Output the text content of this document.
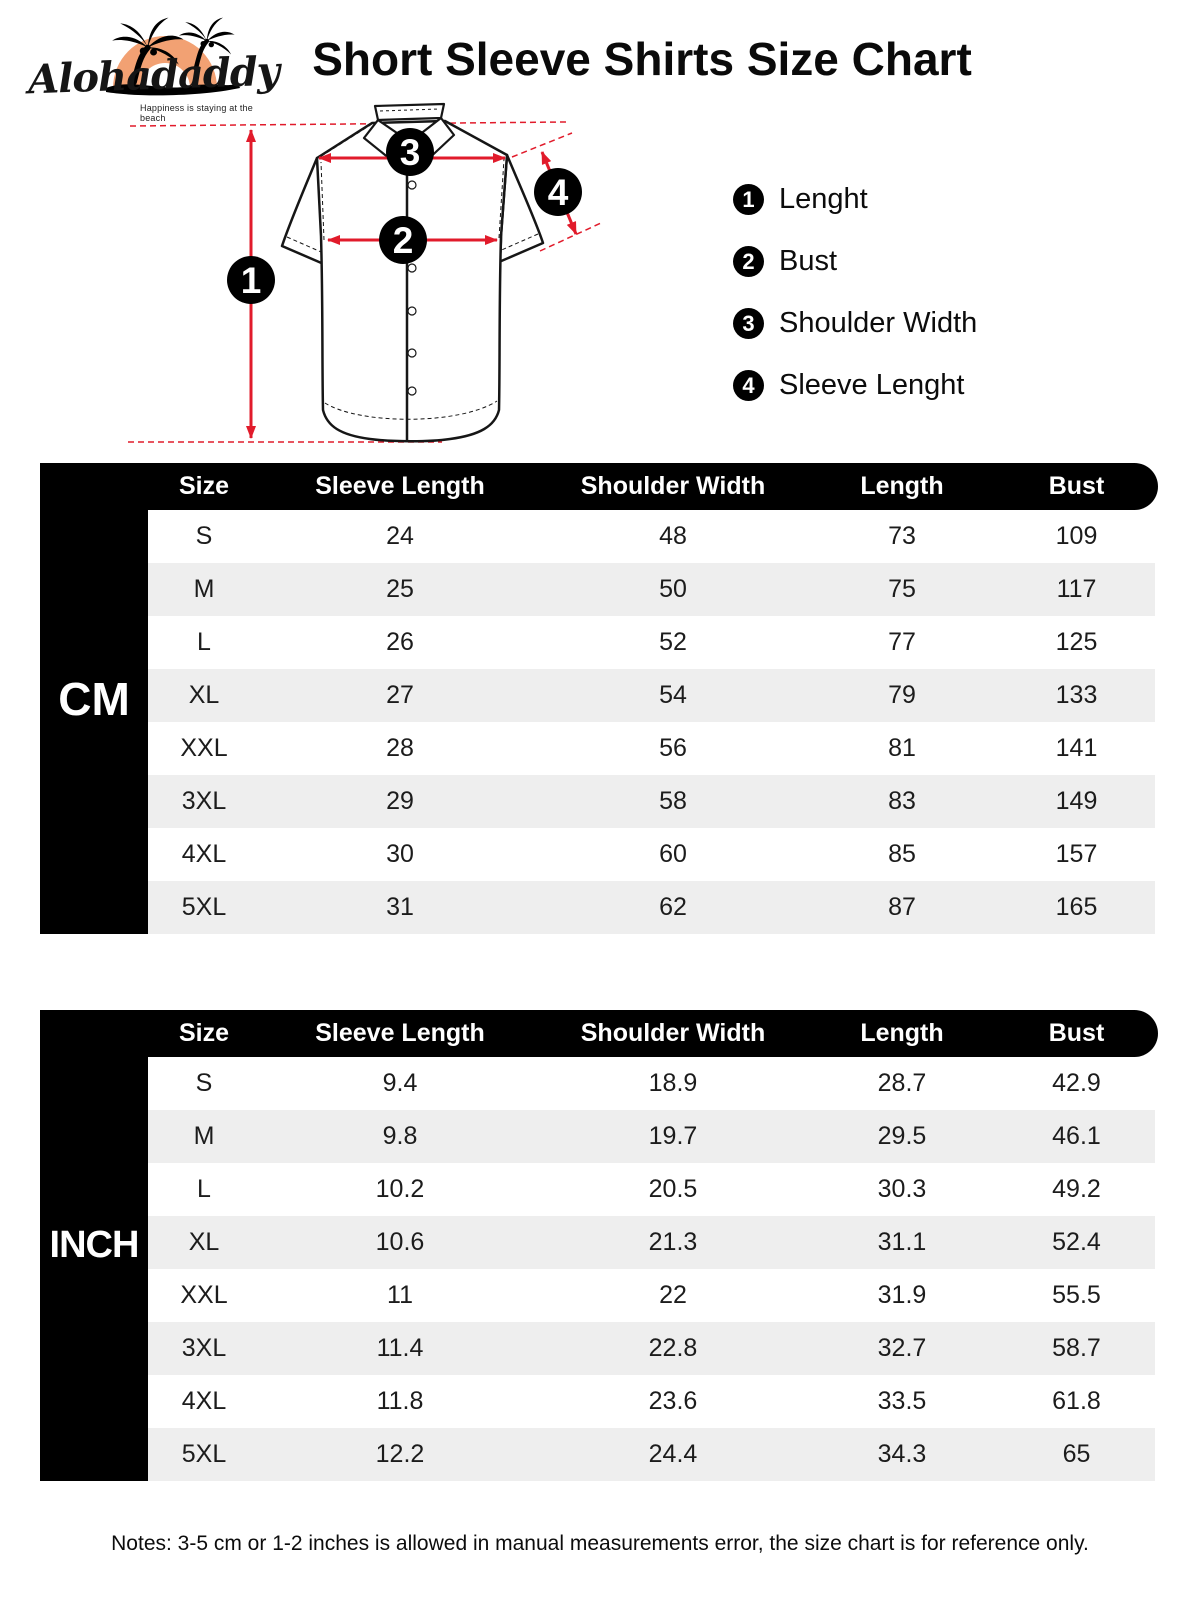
Alohadaddy
Happiness is staying at the beach
Short Sleeve Shirts Size Chart
1
2
3
4	1 Lenght
2 Bust
3 Shoulder Width
4 Sleeve Lenght
CM
Size	Sleeve Length	Shoulder Width	Length	Bust
S	24	48	73	109
M	25	50	75	117
L	26	52	77	125
XL	27	54	79	133
XXL	28	56	81	141
3XL	29	58	83	149
4XL	30	60	85	157
5XL	31	62	87	165
INCH
Size	Sleeve Length	Shoulder Width	Length	Bust
S	9.4	18.9	28.7	42.9
M	9.8	19.7	29.5	46.1
L	10.2	20.5	30.3	49.2
XL	10.6	21.3	31.1	52.4
XXL	11	22	31.9	55.5
3XL	11.4	22.8	32.7	58.7
4XL	11.8	23.6	33.5	61.8
5XL	12.2	24.4	34.3	65
Notes: 3-5 cm or 1-2 inches is allowed in manual measurements error, the size chart is for reference only.
